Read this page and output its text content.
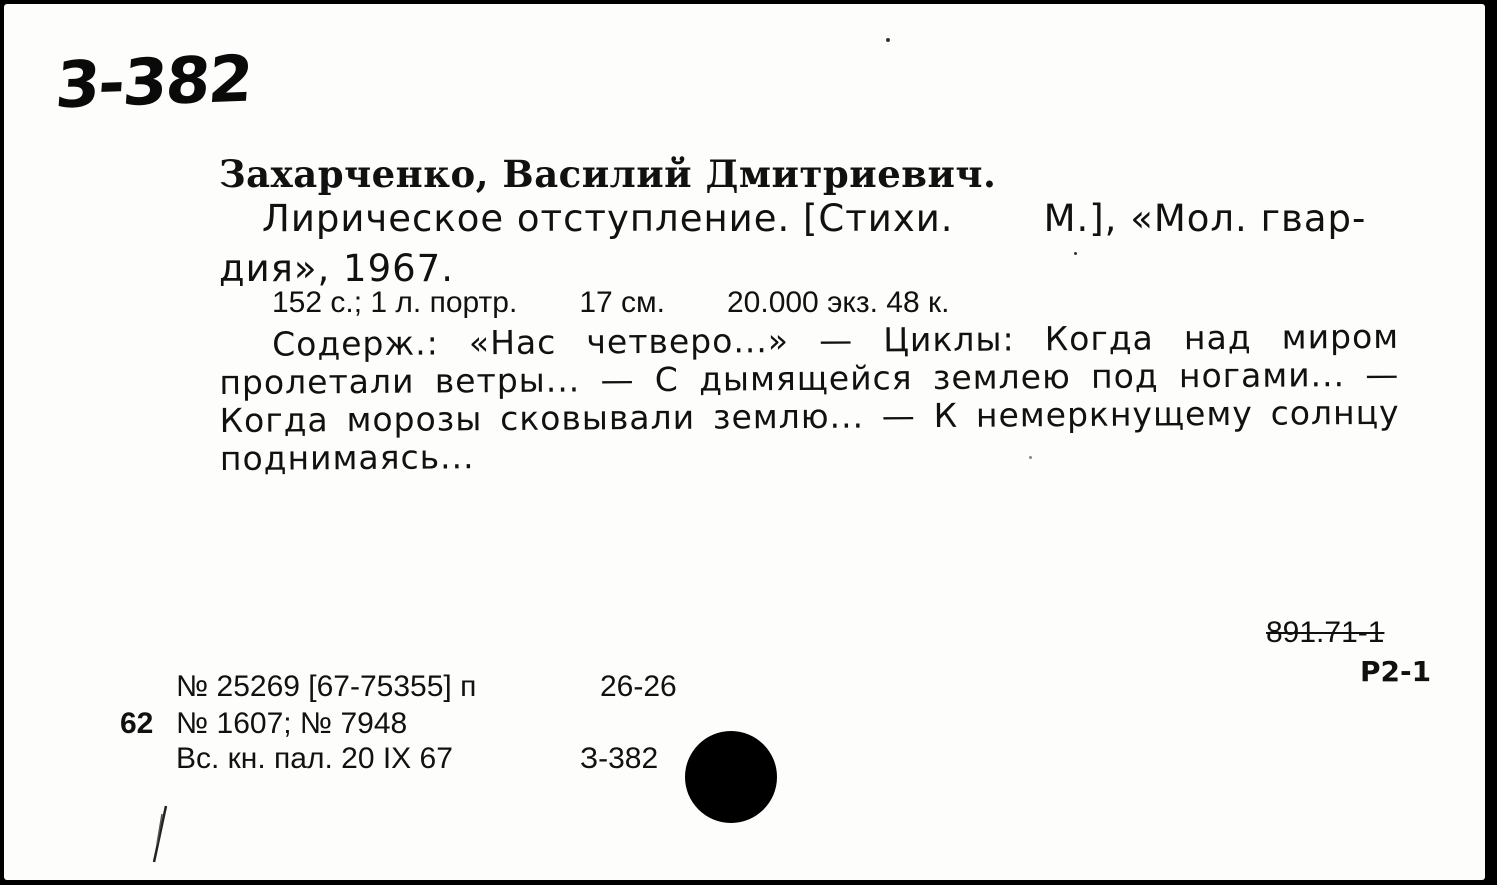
3-382
Захарченко, Василий Дмитриевич.
Лирическое отступление. [Стихи. М.], «Мол. гвар-
дия», 1967.
152 с.; 1 л. портр. 17 см. 20.000 экз. 48 к.
Содерж.: «Нас четверо...» — Циклы: Когда над миром пролетали ветры... — С дымящейся землею под ногами... — Когда морозы сковывали землю... — К немеркнущему солнцу поднимаясь...
№ 25269 [67-75355] п
62 № 1607; № 7948
Вс. кн. пал. 20 IX 67
26-26
З-382
891.71-1
Р2-1
